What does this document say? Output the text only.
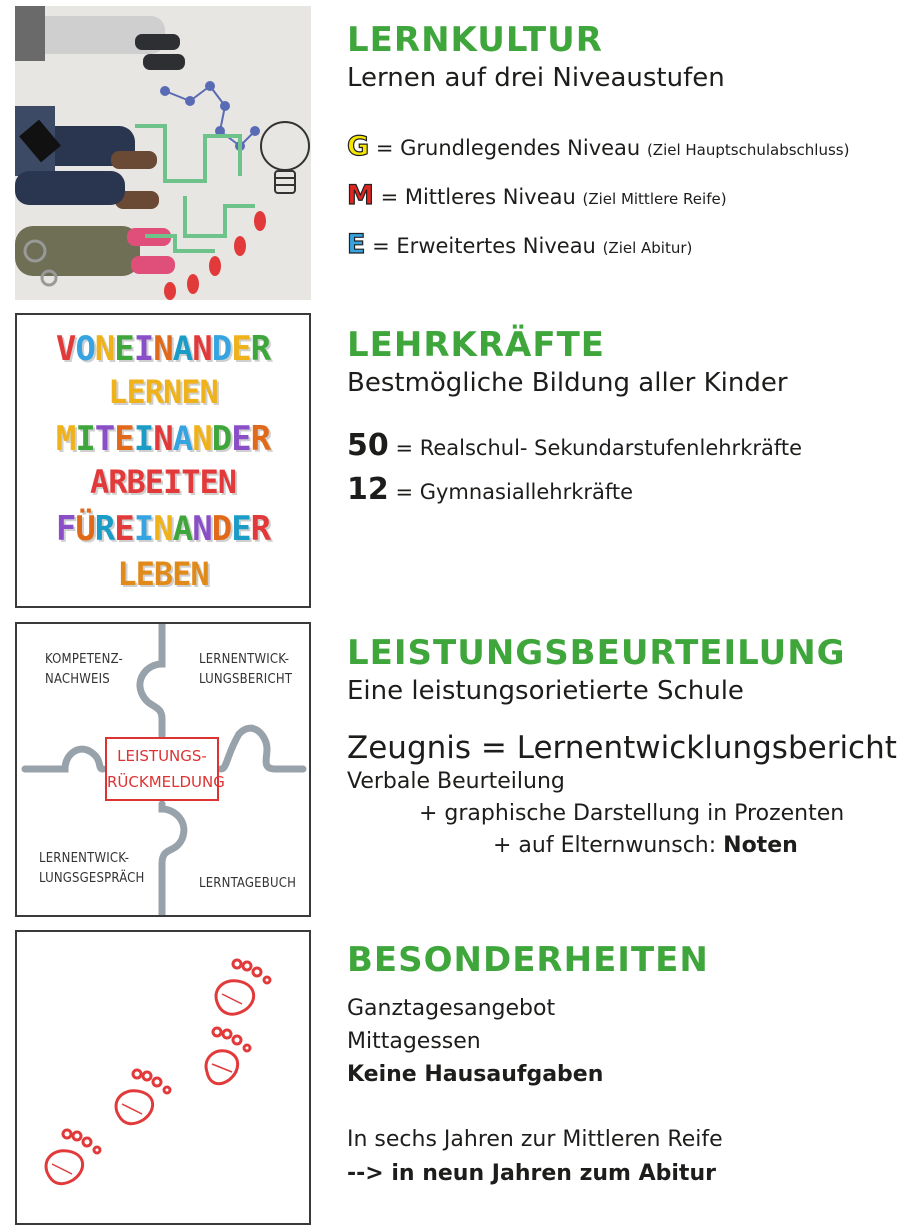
LERNKULTUR
Lernen auf drei Niveaustufen
G = Grundlegendes Niveau (Ziel Hauptschulabschluss)
M = Mittleres Niveau (Ziel Mittlere Reife)
E = Erweitertes Niveau (Ziel Abitur)
VONEINANDER
LERNEN
MITEINANDER
ARBEITEN
FÜREINANDER
LEBEN
LEHRKRÄFTE
Bestmögliche Bildung aller Kinder
50 = Realschul- Sekundarstufenlehrkräfte
12 = Gymnasiallehrkräfte
KOMPETENZ-
NACHWEIS
LERNENTWICK-
LUNGSBERICHT
LERNENTWICK-
LUNGSGESPRÄCH	LERNTAGEBUCH
LEISTUNGS-
RÜCKMELDUNG
LEISTUNGSBEURTEILUNG
Eine leistungsorietierte Schule
Zeugnis = Lernentwicklungsbericht
Verbale Beurteilung
+ graphische Darstellung in Prozenten
+ auf Elternwunsch: Noten
BESONDERHEITEN
Ganztagesangebot
Mittagessen
Keine Hausaufgaben
In sechs Jahren zur Mittleren Reife
--> in neun Jahren zum Abitur
